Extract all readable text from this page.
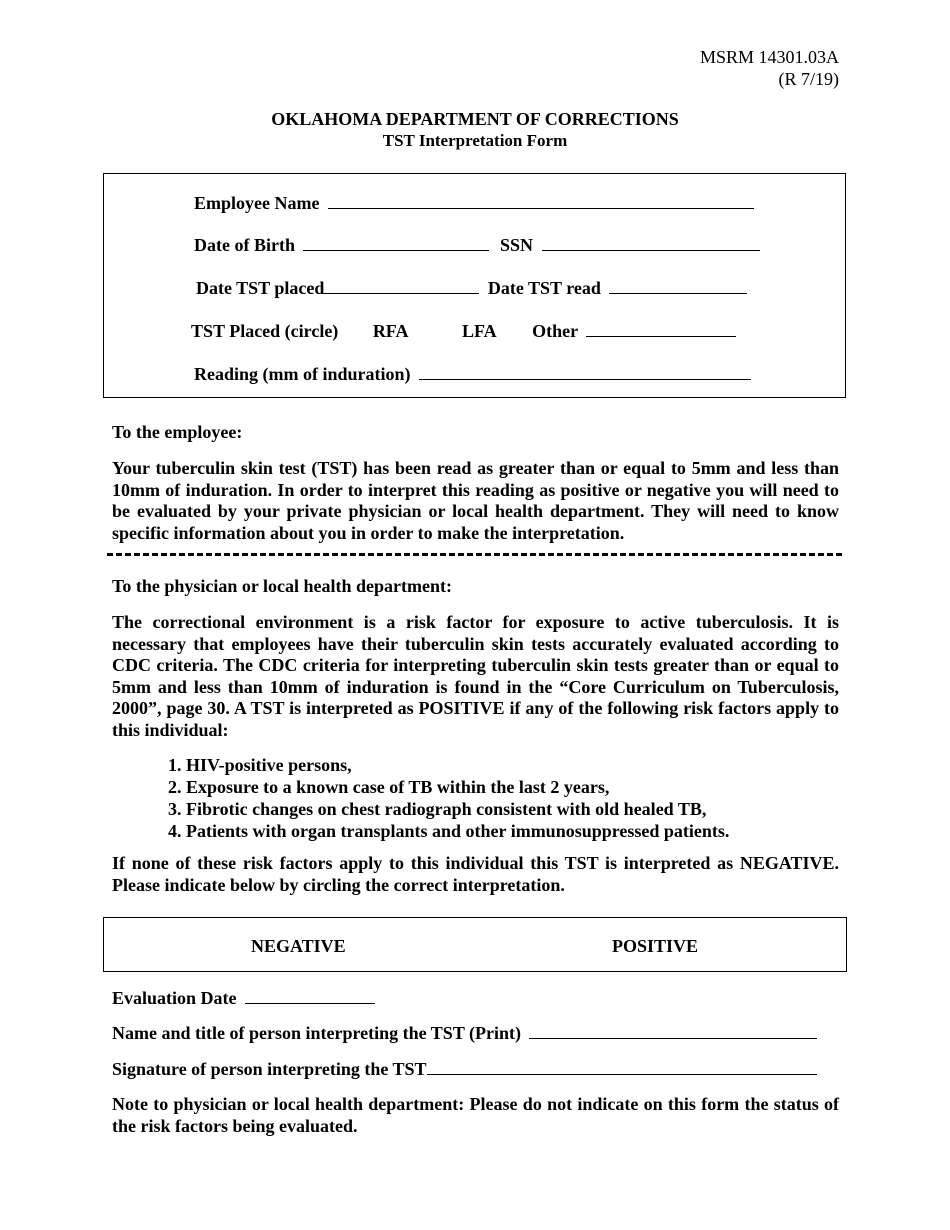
MSRM 14301.03A
(R 7/19)
OKLAHOMA DEPARTMENT OF CORRECTIONS
TST Interpretation Form
Employee Name
Date of Birth	SSN
Date TST placed	Date TST read
TST Placed (circle) RFA	LFA Other
Reading (mm of induration)
To the employee:
Your tuberculin skin test (TST) has been read as greater than or equal to 5mm and less than 10mm of induration. In order to interpret this reading as positive or negative you will need to be evaluated by your private physician or local health department. They will need to know specific information about you in order to make the interpretation.
To the physician or local health department:
The correctional environment is a risk factor for exposure to active tuberculosis. It is necessary that employees have their tuberculin skin tests accurately evaluated according to CDC criteria. The CDC criteria for interpreting tuberculin skin tests greater than or equal to 5mm and less than 10mm of induration is found in the “Core Curriculum on Tuberculosis, 2000”, page 30. A TST is interpreted as POSITIVE if any of the following risk factors apply to this individual:
1. HIV-positive persons,
2. Exposure to a known case of TB within the last 2 years,
3. Fibrotic changes on chest radiograph consistent with old healed TB,
4. Patients with organ transplants and other immunosuppressed patients.
If none of these risk factors apply to this individual this TST is interpreted as NEGATIVE. Please indicate below by circling the correct interpretation.
NEGATIVE	POSITIVE
Evaluation Date
Name and title of person interpreting the TST (Print)
Signature of person interpreting the TST
Note to physician or local health department: Please do not indicate on this form the status of the risk factors being evaluated.
